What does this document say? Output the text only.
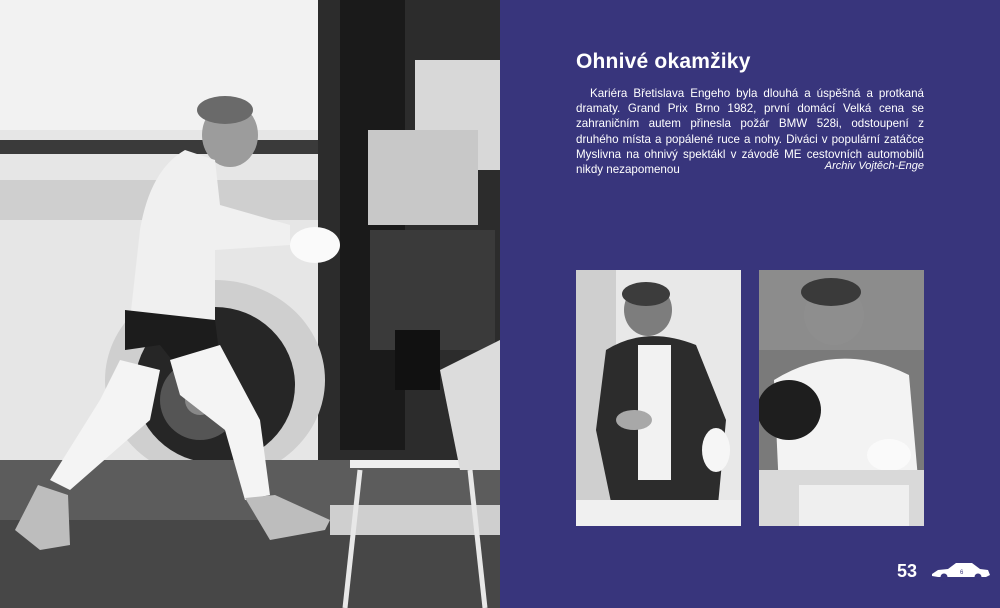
Ohnivé okamžiky
Kariéra Břetislava Engeho byla dlouhá a úspěšná a protkaná dramaty. Grand Prix Brno 1982, první domácí Velká cena se zahraničním autem přinesla požár BMW 528i, odstoupení z druhého místa a popálené ruce a nohy. Diváci v populární zatáčce Myslivna na ohnivý spektákl v závodě ME cestovních automobilů nikdy nezapomenou	Archiv Vojtěch-Enge
53	6
